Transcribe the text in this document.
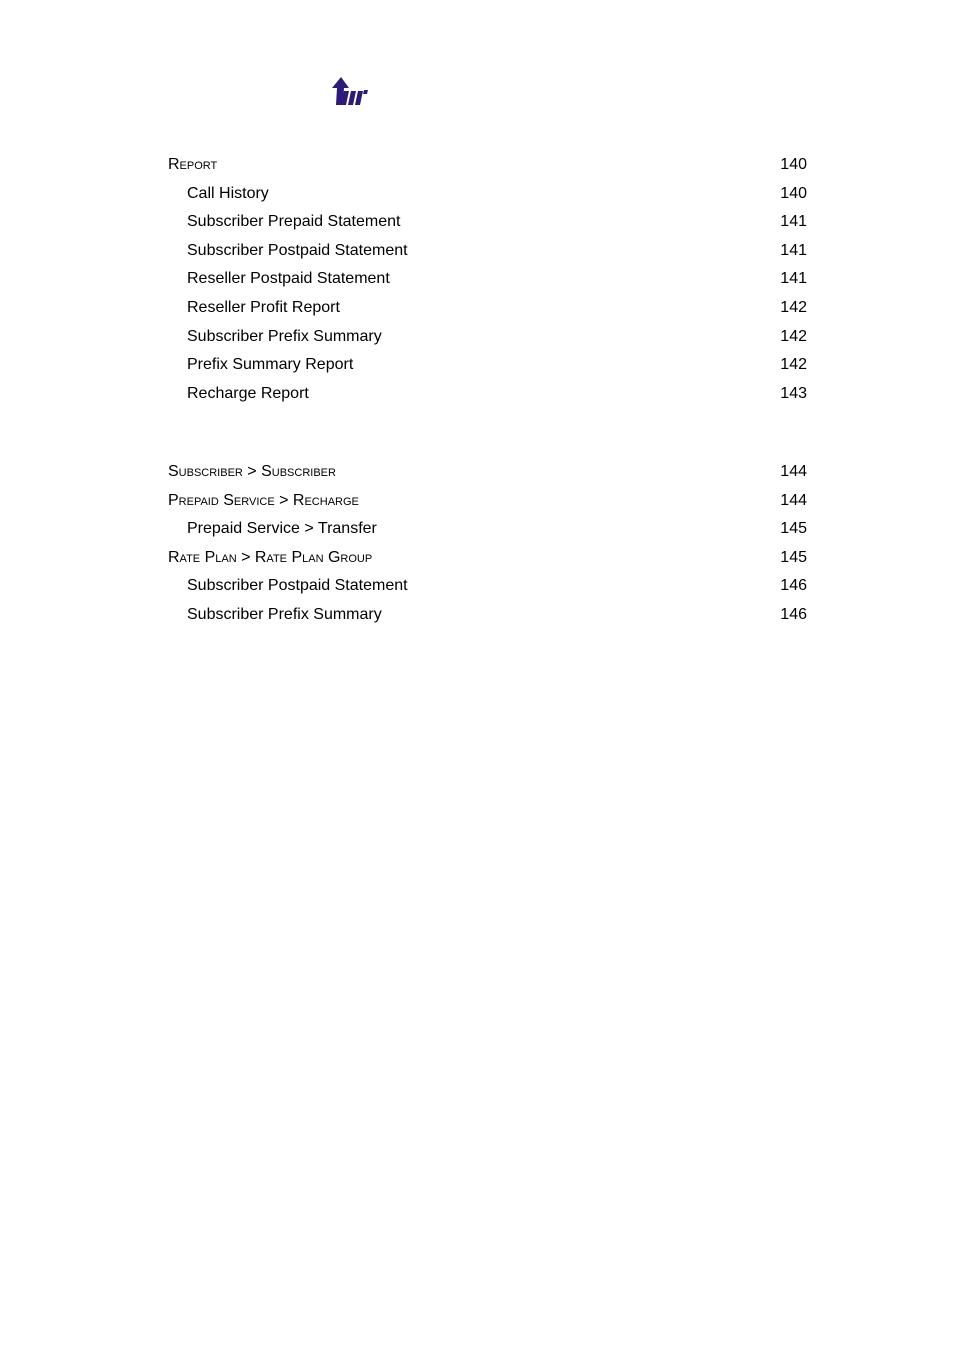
Report	140
Call History	140
Subscriber Prepaid Statement	141
Subscriber Postpaid Statement	141
Reseller Postpaid Statement	141
Reseller Profit Report	142
Subscriber Prefix Summary	142
Prefix Summary Report	142
Recharge Report	143
Subscriber > Subscriber	144
Prepaid Service > Recharge	144
Prepaid Service > Transfer	145
Rate Plan > Rate Plan Group	145
Subscriber Postpaid Statement	146
Subscriber Prefix Summary	146
